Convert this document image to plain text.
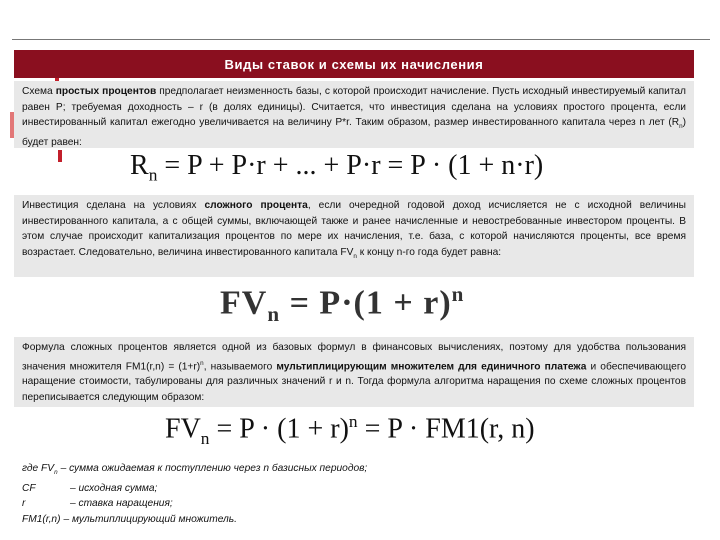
Виды ставок и схемы их начисления
Схема простых процентов предполагает неизменность базы, с которой происходит начисление. Пусть исходный инвестируемый капитал равен P; требуемая доходность – r (в долях единицы). Считается, что инвестиция сделана на условиях простого процента, если инвестированный капитал ежегодно увеличивается на величину P*r. Таким образом, размер инвестированного капитала через n лет $(R_n)$ будет равен:
$R_n = P + P\cdot r$ + ... + P·r = P · (1 + n·r)
Инвестиция сделана на условиях сложного процента, если очередной годовой доход исчисляется не с исходной величины инвестированного капитала, а с общей суммы, включающей также и ранее начисленные и невостребованные инвестором проценты. В этом случае происходит капитализация процентов по мере их начисления, т.е. база, с которой начисляются проценты, все время возрастает. Следовательно, величина инвестированного капитала $FV_n$ к концу n-го года будет равна:
$FV_n = P\cdot(1 + r)^n$
Формула сложных процентов является одной из базовых формул в финансовых вычислениях, поэтому для удобства пользования значения множителя $FM1(r,n) = (1+r)^n$, называемого мультиплицирующим множителем для единичного платежа и обеспечивающего наращение стоимости, табулированы для различных значений r и n. Тогда формула алгоритма наращения по схеме сложных процентов переписывается следующим образом:
$FV_n = P \cdot (1 + r)^n = P \cdot FM1(r$, n)
где $FV_n$ – сумма ожидаемая к поступлению через n базисных периодов;
CF	– исходная сумма;
r	– ставка наращения;
FM1(r,n) – мультиплицирующий множитель.
